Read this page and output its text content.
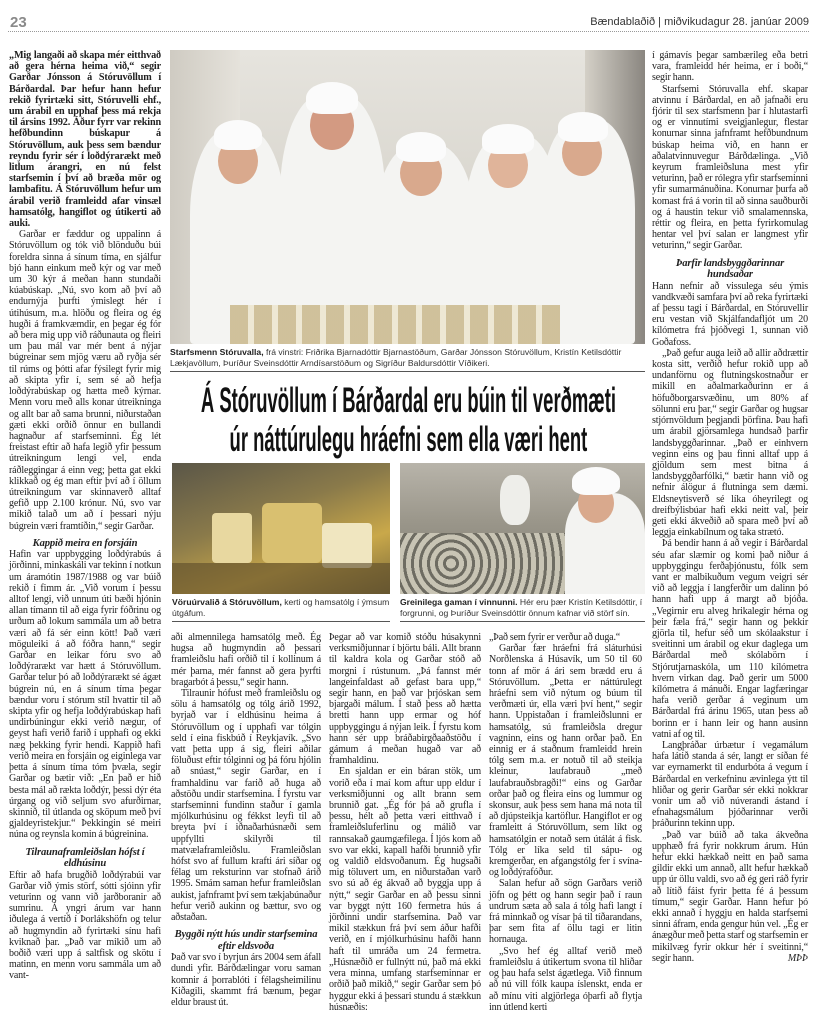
23	Bændablaðið | miðvikudagur 28. janúar 2009

„Mig langaði að skapa mér eitthvað að gera hérna heima við,“ segir Garðar Jónsson á Stóruvöllum í Bárðardal. Þar hefur hann hefur rekið fyrirtæki sitt, Stóruvelli ehf., um árabil en upphaf þess má rekja til ársins 1992. Áður fyrr var rekinn hefðbundinn búskapur á Stóruvöllum, auk þess sem bændur reyndu fyrir sér í loðdýrarækt með litlum árangri, en nú felst starfsemin í því að bræða mör og lambafitu. Á Stóruvöllum hefur um árabil verið framleidd afar vinsæl hamsatólg, hangiflot og útikerti að auki.

Garðar er fæddur og uppalinn á Stóruvöllum og tók við blönduðu búi foreldra sinna á sínum tíma, en sjálfur bjó hann einkum með kýr og var með um 30 kýr á meðan hann stundaði kúabúskap. „Nú, svo kom að því að endurnýja þurfti ýmislegt hér í útihúsum, m.a. hlöðu og fleira og ég hugði á framkvæmdir, en þegar ég fór að bera mig upp við ráðunauta og fleiri um þau mál var mér bent á nýjar búgreinar sem mjög væru að ryðja sér til rúms og þótti afar fýsilegt fyrir mig að skipta yfir í, sem sé að hefja loðdýrabúskap og hætta með kýrnar. Menn voru með alls konar útreikninga og allt bar að sama brunni, niðurstaðan gæti ekki orðið önnur en bullandi hagnaður af starfseminni. Ég lét freistast eftir að hafa legið yfir þessum útreikningum lengi vel, enda ráðleggingar á einn veg; þetta gat ekki klikkað og ég man eftir því að í öllum útreikningum var skinnaverð alltaf gefið upp 2.100 krónur. Nú, svo var mikið talað um að í þessari nýju búgrein væri framtíðin,“ segir Garðar.

Kappið meira en forsjáin

Hafin var uppbygging loðdýrabús á jörðinni, minkaskáli var tekinn í notkun um áramótin 1987/1988 og var búið rekið í fimm ár. „Við vorum í þessu alltof lengi, við unnum úti bæði hjónin allan tímann til að eiga fyrir fóðrinu og urðum að lokum sammála um að betra væri að fá sér einn kött! Það væri möguleiki á að fóðra hann,“ segir Garðar en leikar fóru svo að loðdýrarækt var hætt á Stóruvöllum. Garðar telur þó að loðdýrarækt sé ágæt búgrein nú, en á sínum tíma þegar bændur voru í stórum stíl hvattir til að skipta yfir og hefja loðdýrabúskap hafi undirbúningur ekki verið nægur, of geyst hafi verið farið í upphafi og ekki næg þekking fyrir hendi. Kappið hafi verið meira en forsjáin og eiginlega var þetta á sínum tíma tóm þvæla, segir Garðar og bætir við: „En það er hið besta mál að rækta loðdýr, þessi dýr éta úrgang og við seljum svo afurðirnar, skinnið, til útlanda og sköpum með því gjaldeyristekjur.“ Þekkingin sé meiri núna og reynsla komin á búgreinina.

Tilraunaframleiðslan hófst í eldhúsinu

Eftir að hafa brugðið loðdýrabúi var Garðar við ýmis störf, sótti sjóinn yfir veturinn og vann við jarðboranir að sumrinu. Á yngri árum var hann iðulega á vertíð í Þorlákshöfn og telur að hugmyndin að fyrirtæki sínu hafi kviknað þar. „Það var mikið um að boðið væri upp á saltfisk og skötu í matinn, en menn voru sammála um að vant-

Starfsmenn Stóruvalla, frá vinstri: Friðrika Bjarnadóttir Bjarnastöðum, Garðar Jónsson Stóruvöllum, Kristín Ketilsdóttir Lækjavöllum, Þuríður Sveinsdóttir Arndísarstöðum og Sigríður Baldursdóttir Víðikeri.
Á Stóruvöllum í Bárðardal eru búin til verðmæti
úr náttúrulegu hráefni sem ella væri hent
Vöruúrvalið á Stóruvöllum, kerti og hamsatólg í ýmsum útgáfum.
Greinilega gaman í vinnunni. Hér eru þær Kristín Ketilsdóttir, í forgrunni, og Þuríður Sveinsdóttir önnum kafnar við störf sín.

aði almennilega hamsatólg með. Ég hugsa að hugmyndin að þessari framleiðslu hafi orðið til í kollinum á mér þarna, mér fannst að gera þyrfti bragarbót á þessu,“ segir hann.

Tilraunir hófust með framleiðslu og sölu á hamsatólg og tólg árið 1992, byrjað var í eldhúsinu heima á Stóruvöllum og í upphafi var tólgin seld í eina fiskbúð í Reykjavík. „Svo vatt þetta upp á sig, fleiri aðilar föluðust eftir tólginni og þá fóru hjólin að snúast,“ segir Garðar, en í framhaldinu var farið að huga að aðstöðu undir starfsemina. Í fyrstu var starfseminni fundinn staður í gamla mjólkurhúsinu og fékkst leyfi til að breyta því í iðnaðarhúsnæði sem uppfyllti skilyrði til matvælaframleiðslu. Framleiðslan hófst svo af fullum krafti ári síðar og félag um reksturinn var stofnað árið 1995. Smám saman hefur framleiðslan aukist, jafnframt því sem tækjabúnaður hefur verið aukinn og bættur, svo og aðstaðan.

Byggði nýtt hús undir starfsemina eftir eldsvoða

Það var svo í byrjun árs 2004 sem áfall dundi yfir. Bárðdælingar voru saman komnir á þorrablóti í félagsheimilinu Kiðagili, skammt frá bænum, þegar eldur braust út.

Þegar að var komið stóðu húsakynni verksmiðjunnar í björtu báli. Allt brann til kaldra kola og Garðar stóð að morgni í rústunum. „Þá fannst mér langeinfaldast að gefast bara upp,“ segir hann, en það var þrjóskan sem bjargaði málum. Í stað þess að hætta bretti hann upp ermar og hóf uppbyggingu á nýjan leik. Í fyrstu kom hann sér upp bráðabirgðaaðstöðu í gámum á meðan hugað var að framhaldinu.

En sjaldan er ein báran stök, um vorið eða í maí kom aftur upp eldur í verksmiðjunni og allt brann sem brunnið gat. „Ég fór þá að grufla í þessu, hélt að þetta væri eitthvað í framleiðsluferlinu og málið var rannsakað gaumgæfilega. Í ljós kom að svo var ekki, kapall hafði brunnið yfir og valdið eldsvoðanum. Ég hugsaði mig töluvert um, en niðurstaðan varð svo sú að ég ákvað að byggja upp á nýtt,“ segir Garðar en að þessu sinni var byggt nýtt 160 fermetra hús á jörðinni undir starfsemina. Það var mikil stækkun frá því sem áður hafði verið, en í mjólkurhúsinu hafði hann haft til umráða um 24 fermetra. „Húsnæðið er fullnýtt nú, það má ekki vera minna, umfang starfseminnar er orðið það mikið,“ segir Garðar sem þó hyggur ekki á þessari stundu á stækkun húsnæðis:

„Það sem fyrir er verður að duga.“

Garðar fær hráefni frá sláturhúsi Norðlenska á Húsavík, um 50 til 60 tonn af mör á ári sem brædd eru á Stóruvöllum. „Þetta er náttúrulegt hráefni sem við nýtum og búum til verðmæti úr, ella væri því hent,“ segir hann. Uppistaðan í framleiðslunni er hamsatólg, sú framleiðsla dregur vagninn, eins og hann orðar það. En einnig er á staðnum framleidd hrein tólg sem m.a. er notuð til að steikja kleinur, laufabrauð „með laufabrauðsbragði!“ eins og Garðar orðar það og fleira eins og lummur og skonsur, auk þess sem hana má nota til að djúpsteikja kartöflur. Hangiflot er og framleitt á Stóruvöllum, sem líkt og hamsatólgin er notað sem útálát á fisk. Tólg er líka seld til sápu- og kremgerðar, en afgangstólg fer í svína- og loðdýrafóður.

Salan hefur að sögn Garðars verið jöfn og þétt og hann segir það í raun undrum sæta að sala á tólg hafi langt í frá minnkað og vísar þá til tíðarandans, þar sem fita af öllu tagi er litin hornauga.

„Svo hef ég alltaf verið með framleiðslu á útikertum svona til hliðar og þau hafa selst ágætlega. Við finnum að nú vill fólk kaupa íslenskt, enda er að mínu viti algjörlega óþarfi að flytja inn útlend kerti

í gámavís þegar sambærileg eða betri vara, framleidd hér heima, er í boði,“ segir hann.

Starfsemi Stóruvalla ehf. skapar atvinnu í Bárðardal, en að jafnaði eru fjórir til sex starfsmenn þar í hlutastarfi og er vinnutími sveigjanlegur, flestar konurnar sinna jafnframt hefðbundnum búskap heima við, en hann er aðalatvinnuvegur Bárðdælinga. „Við keyrum framleiðsluna mest yfir veturinn, það er rólegra yfir starfseminni yfir sumarmánuðina. Konurnar þurfa að komast frá á vorin til að sinna sauðburði og á haustin tekur við smalamennska, réttir og fleira, en þetta fyrirkomulag hentar vel því salan er langmest yfir veturinn,“ segir Garðar.

Þarfir landsbyggðarinnar hundsaðar

Hann nefnir að vissulega séu ýmis vandkvæði samfara því að reka fyrirtæki af þessu tagi í Bárðardal, en Stóruvellir eru vestan við Skjálfandafljót um 20 kílómetra frá þjóðvegi 1, sunnan við Goðafoss.

„Það gefur auga leið að allir aðdrættir kosta sitt, verðið hefur rokið upp að undanförnu og flutningskostnaður er mikill en aðalmarkaðurinn er á höfuðborgarsvæðinu, um 80% af sölunni eru þar,“ segir Garðar og hugsar stjórnvöldum þegjandi þörfina. Þau hafi um árabil gjörsamlega hundsað þarfir landsbyggðarinnar. „Það er einhvern veginn eins og þau finni alltaf upp á gjöldum sem mest bitna á landsbyggðarfólki,“ bætir hann við og nefnir álögur á flutninga sem dæmi. Eldsneytisverð sé líka óheyrilegt og dreifbýlisbúar hafi ekki neitt val, þeir geti ekki ákveðið að spara með því að leggja einkabílnum og taka strætó.

Þá bendir hann á að vegir í Bárðardal séu afar slæmir og komi það niður á uppbyggingu ferðaþjónustu, fólk sem vant er malbikuðum vegum veigri sér við að leggja í langferðir um dalinn þó hann hafi upp á margt að bjóða. „Vegirnir eru alveg hrikalegir hérna og þeir fæla frá,“ segir hann og þekkir gjörla til, hefur séð um skólaakstur í sveitinni um árabil og ekur daglega um Bárðardal með skólabörn í Stjórutjarnaskóla, um 110 kílómetra hvern virkan dag. Það gerir um 5000 kílómetra á mánuði. Engar lagfæringar hafa verið gerðar á veginum um Bárðardal frá árinu 1965, utan þess að borinn er í hann leir og hann ausinn vatni af og til.

Langþráðar úrbætur í vegamálum hafa látið standa á sér, langt er síðan fé var eyrnamerkt til endurbóta á vegum í Bárðardal en verkefninu ævinlega ýtt til hliðar og gerir Garðar sér ekki nokkrar vonir um að við núverandi ástand í efnahagsmálum þjóðarinnar verði þráðurinn tekinn upp.

„Það var búið að taka ákveðna upphæð frá fyrir nokkrum árum. Hún hefur ekki hækkað neitt en það sama gildir ekki um annað, allt hefur hækkað upp úr öllu valdi, svo að ég geri ráð fyrir að lítið fáist fyrir þetta fé á þessum tímum,“ segir Garðar. Hann hefur þó ekki annað í hyggju en halda starfsemi sinni áfram, enda gengur hún vel. „Ég er ánægður með þetta starf og starfsemin er mikilvæg fyrir okkur hér í sveitinni,“ segir hann.	MÞÞ
